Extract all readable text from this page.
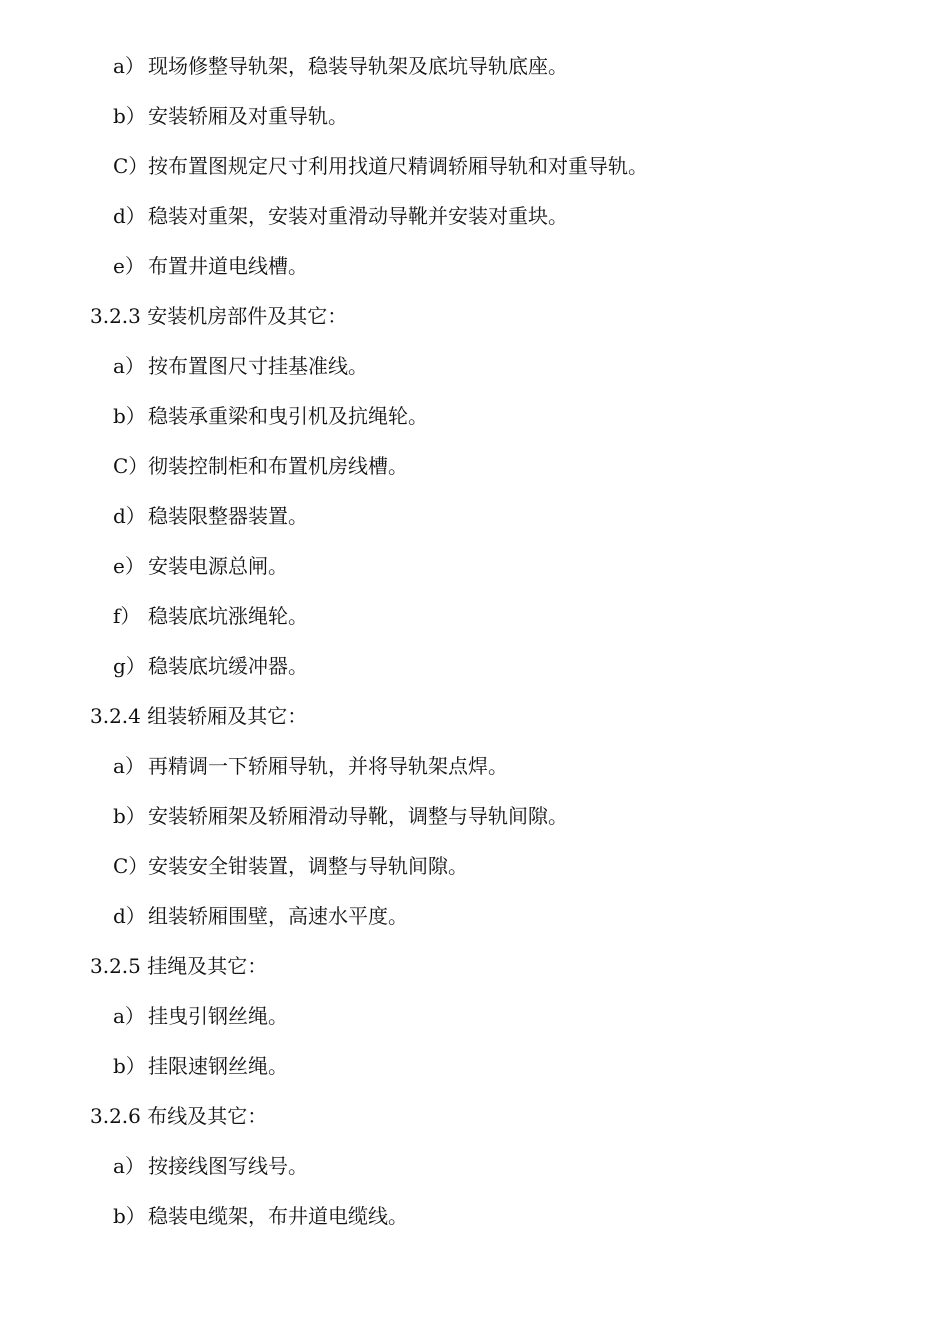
a） 现场修整导轨架，稳装导轨架及底坑导轨底座。
b） 安装轿厢及对重导轨。
C）按布置图规定尺寸利用找道尺精调轿厢导轨和对重导轨。
d） 稳装对重架，安装对重滑动导靴并安装对重块。
e） 布置井道电线槽。
3.2.3 安装机房部件及其它：
a） 按布置图尺寸挂基准线。
b） 稳装承重梁和曳引机及抗绳轮。
C）彻装控制柜和布置机房线槽。
d） 稳装限整器装置。
e） 安装电源总闸。
f） 稳装底坑涨绳轮。
g） 稳装底坑缓冲器。
3.2.4 组装轿厢及其它：
a） 再精调一下轿厢导轨，并将导轨架点焊。
b） 安装轿厢架及轿厢滑动导靴，调整与导轨间隙。
C）安装安全钳装置，调整与导轨间隙。
d） 组装轿厢围壁，高速水平度。
3.2.5 挂绳及其它：
a） 挂曳引钢丝绳。
b） 挂限速钢丝绳。
3.2.6 布线及其它：
a） 按接线图写线号。
b） 稳装电缆架，布井道电缆线。
